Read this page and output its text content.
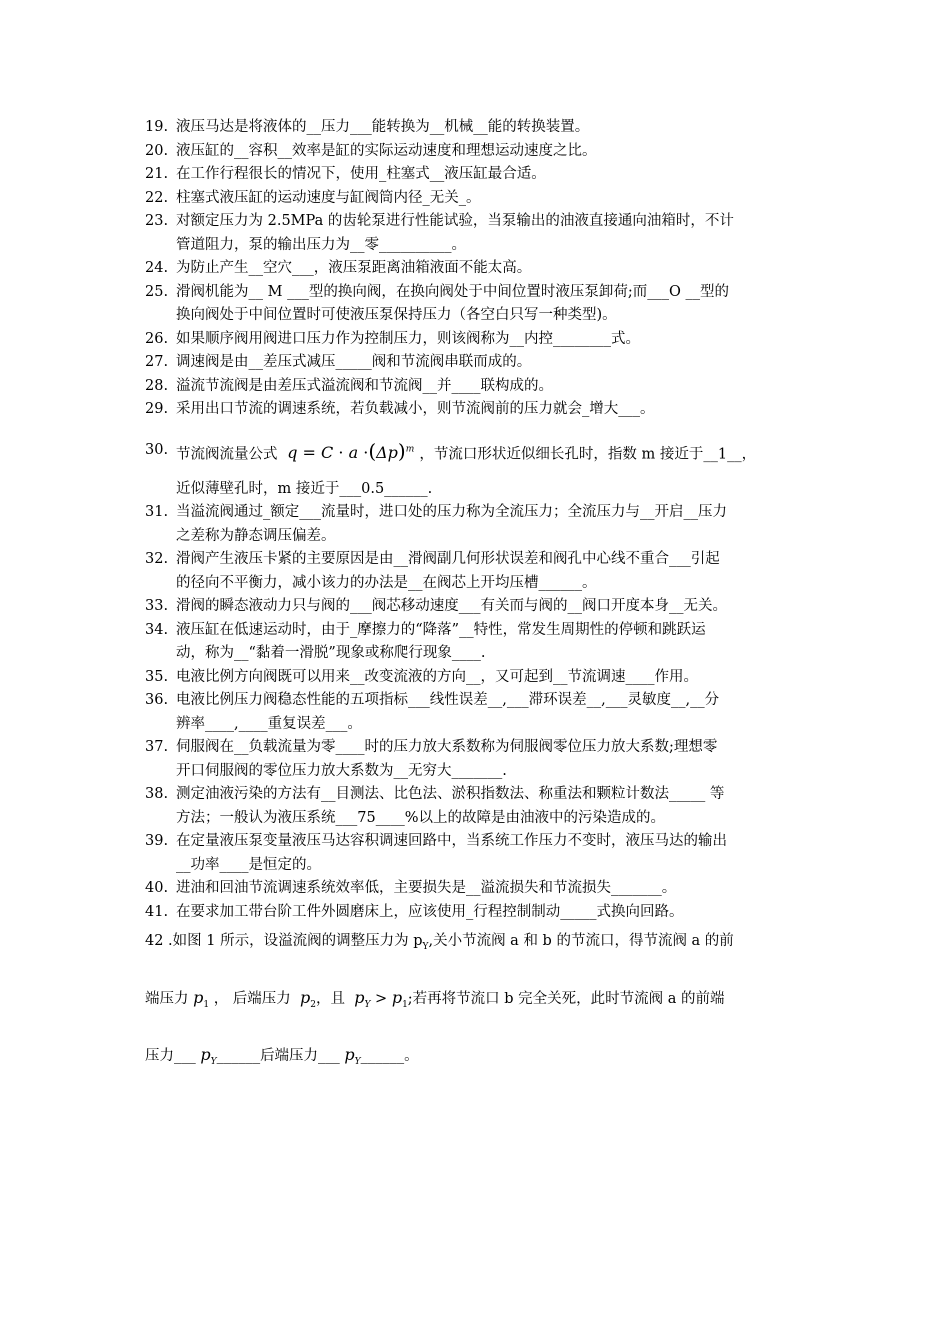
19. 液压马达是将液体的__压力___能转换为__机械__能的转换装置。
20. 液压缸的__容积__效率是缸的实际运动速度和理想运动速度之比。
21. 在工作行程很长的情况下，使用_柱塞式__液压缸最合适。
22. 柱塞式液压缸的运动速度与缸阀筒内径_无关_。
23. 对额定压力为 2.5MPa 的齿轮泵进行性能试验，当泵输出的油液直接通向油箱时，不计
管道阻力，泵的输出压力为__零__________。
24. 为防止产生__空穴___，液压泵距离油箱液面不能太高。
25. 滑阀机能为__ M ___型的换向阀，在换向阀处于中间位置时液压泵卸荷;而___O __型的
换向阀处于中间位置时可使液压泵保持压力（各空白只写一种类型)。
26. 如果顺序阀用阀进口压力作为控制压力，则该阀称为__内控________式。
27. 调速阀是由__差压式减压_____阀和节流阀串联而成的。
28. 溢流节流阀是由差压式溢流阀和节流阀__并____联构成的。
29. 采用出口节流的调速系统，若负载减小，则节流阀前的压力就会_增大___。
30. 节流阀流量公式 $q = C \cdot a \cdot(\Delta p)^m$ ，节流口形状近似细长孔时，指数 m 接近于__1__，
近似薄壁孔时，m 接近于___0.5______.
31. 当溢流阀通过_额定___流量时，进口处的压力称为全流压力；全流压力与__开启__压力
之差称为静态调压偏差。
32. 滑阀产生液压卡紧的主要原因是由__滑阀副几何形状误差和阀孔中心线不重合___引起
的径向不平衡力，减小该力的办法是__在阀芯上开均压槽______。
33. 滑阀的瞬态液动力只与阀的___阀芯移动速度___有关而与阀的__阀口开度本身__无关。
34. 液压缸在低速运动时，由于_摩擦力的“降落”__特性，常发生周期性的停顿和跳跃运
动，称为__“黏着一滑脱”现象或称爬行现象____.
35. 电液比例方向阀既可以用来__改变流液的方向__，又可起到__节流调速____作用。
36. 电液比例压力阀稳态性能的五项指标___线性误差__,___滞环误差__,___灵敏度__,__分
辨率____,____重复误差___。
37. 伺服阀在__负载流量为零____时的压力放大系数称为伺服阀零位压力放大系数;理想零
开口伺服阀的零位压力放大系数为__无穷大_______.
38. 测定油液污染的方法有__目测法、比色法、淤积指数法、称重法和颗粒计数法_____ 等
方法；一般认为液压系统___75____%以上的故障是由油液中的污染造成的。
39. 在定量液压泵变量液压马达容积调速回路中，当系统工作压力不变时，液压马达的输出
__功率____是恒定的。
40. 进油和回油节流调速系统效率低，主要损失是__溢流损失和节流损失_______。
41. 在要求加工带台阶工件外圆磨床上，应该使用_行程控制制动_____式换向回路。
42 .如图 1 所示，设溢流阀的调整压力为 $p_Y$,关小节流阀 a 和 b 的节流口，得节流阀 a 的前
端压力 $p_1$ ， 后端压力 $p_2$，且 $p_Y > p_1$;若再将节流口 b 完全关死，此时节流阀 a 的前端
压力___ $p_Y\_\_\_\_\_\_$后端压力___ $p_Y\_\_\_\_\_\_$。
